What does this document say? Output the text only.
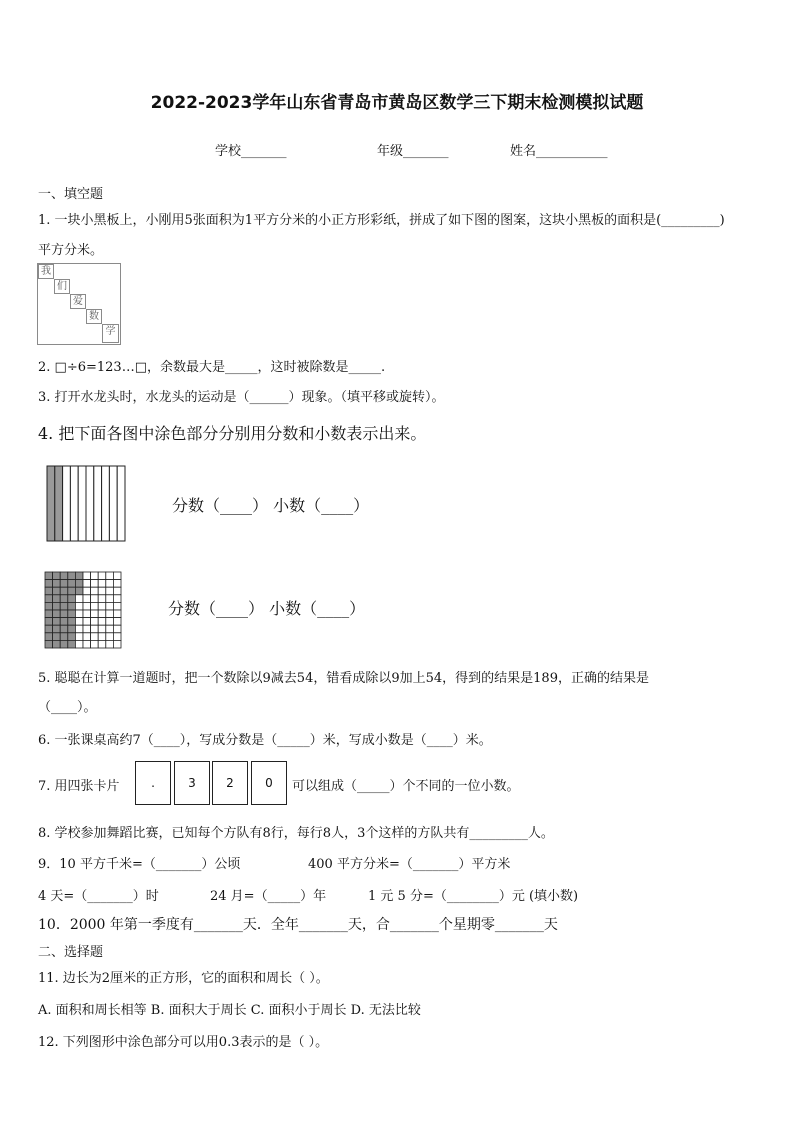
2022-2023学年山东省青岛市黄岛区数学三下期末检测模拟试题
学校_______	年级_______	姓名___________
一、填空题
1. 一块小黑板上，小刚用5张面积为1平方分米的小正方形彩纸，拼成了如下图的图案，这块小黑板的面积是(_________)
平方分米。
我
们
爱
数
学
2. □÷6=123…□，余数最大是_____，这时被除数是_____.
3. 打开水龙头时，水龙头的运动是（______）现象。（填平移或旋转）。
4. 把下面各图中涂色部分分别用分数和小数表示出来。
分数（____） 小数（____）
分数（____） 小数（____）
5. 聪聪在计算一道题时，把一个数除以9减去54，错看成除以9加上54，得到的结果是189，正确的结果是
（____）。
6. 一张课桌高约7（____），写成分数是（_____）米，写成小数是（____）米。
7. 用四张卡片	.	3	2	0	可以组成（_____）个不同的一位小数。
8. 学校参加舞蹈比赛，已知每个方队有8行，每行8人，3个这样的方队共有_________人。
9．10 平方千米=（_______）公顷	400 平方分米=（_______）平方米
4 天=（_______）时	24 月=（_____）年	1 元 5 分=（________）元 (填小数)
10．2000 年第一季度有_______天．全年_______天，合_______个星期零_______天
二、选择题
11. 边长为2厘米的正方形，它的面积和周长（ ）。
A. 面积和周长相等 B. 面积大于周长 C. 面积小于周长 D. 无法比较
12. 下列图形中涂色部分可以用0.3表示的是（ ）。
